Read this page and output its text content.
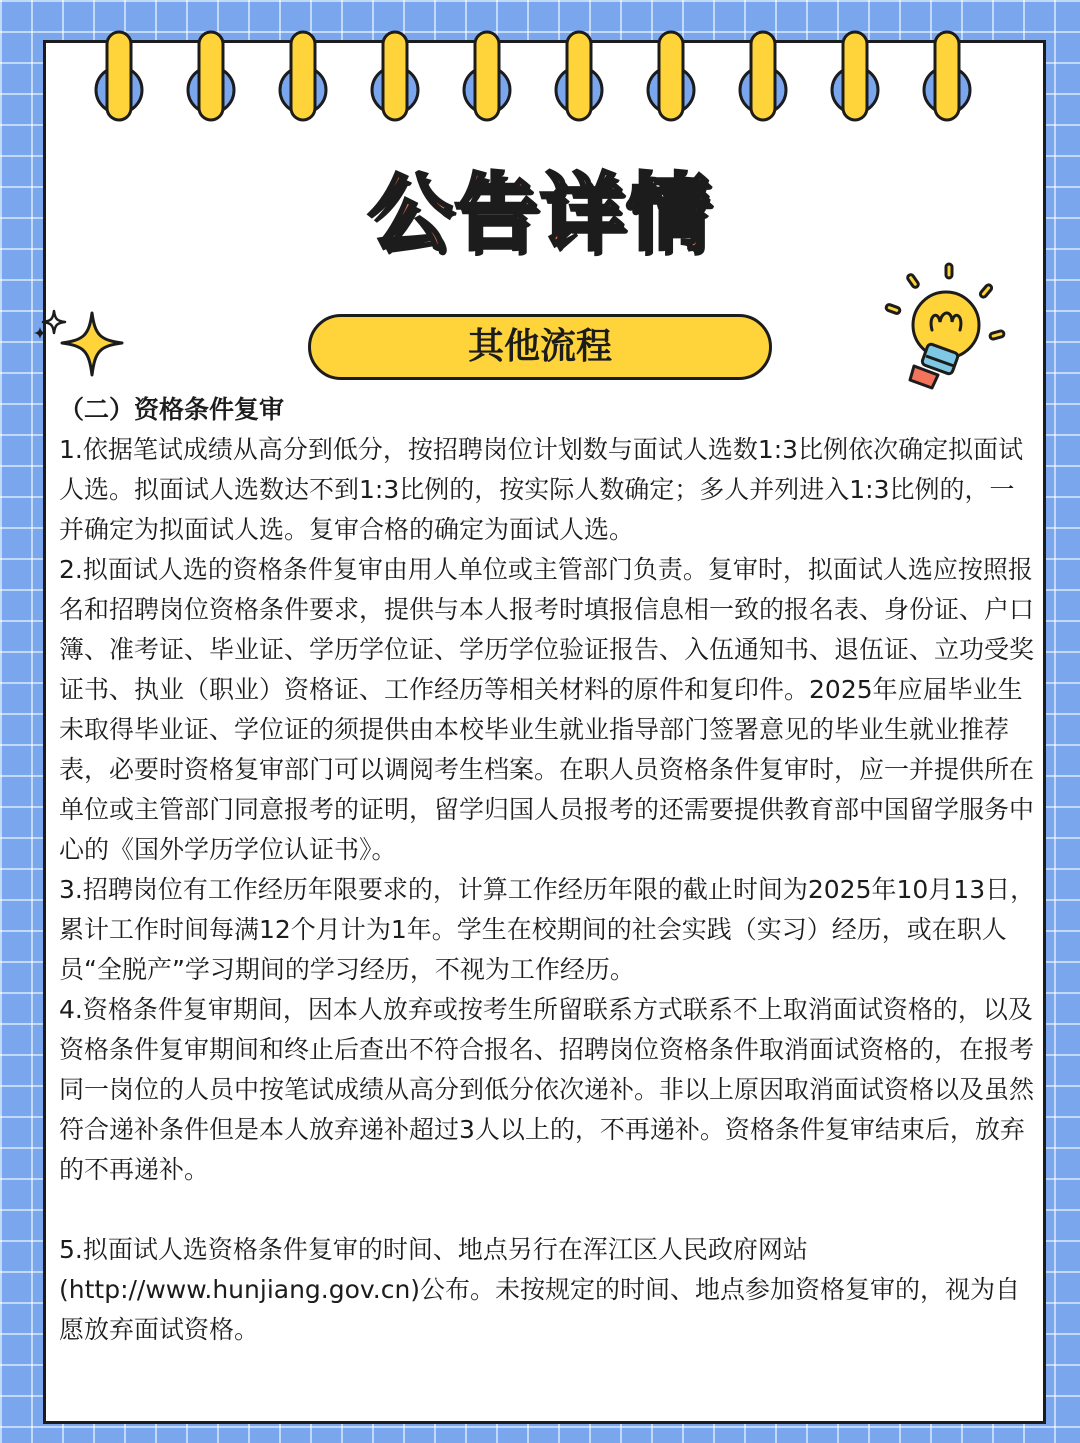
公告详情
其他流程

（二）资格条件复审

1.依据笔试成绩从高分到低分，按招聘岗位计划数与面试人选数1:3比例依次确定拟面试人选。拟面试人选数达不到1:3比例的，按实际人数确定；多人并列进入1:3比例的，一并确定为拟面试人选。复审合格的确定为面试人选。

2.拟面试人选的资格条件复审由用人单位或主管部门负责。复审时，拟面试人选应按照报名和招聘岗位资格条件要求，提供与本人报考时填报信息相一致的报名表、身份证、户口簿、准考证、毕业证、学历学位证、学历学位验证报告、入伍通知书、退伍证、立功受奖证书、执业（职业）资格证、工作经历等相关材料的原件和复印件。2025年应届毕业生未取得毕业证、学位证的须提供由本校毕业生就业指导部门签署意见的毕业生就业推荐表，必要时资格复审部门可以调阅考生档案。在职人员资格条件复审时，应一并提供所在单位或主管部门同意报考的证明，留学归国人员报考的还需要提供教育部中国留学服务中心的《国外学历学位认证书》。

3.招聘岗位有工作经历年限要求的，计算工作经历年限的截止时间为2025年10月13日，累计工作时间每满12个月计为1年。学生在校期间的社会实践（实习）经历，或在职人员“全脱产”学习期间的学习经历，不视为工作经历。

4.资格条件复审期间，因本人放弃或按考生所留联系方式联系不上取消面试资格的，以及资格条件复审期间和终止后查出不符合报名、招聘岗位资格条件取消面试资格的，在报考同一岗位的人员中按笔试成绩从高分到低分依次递补。非以上原因取消面试资格以及虽然符合递补条件但是本人放弃递补超过3人以上的，不再递补。资格条件复审结束后，放弃的不再递补。

5.拟面试人选资格条件复审的时间、地点另行在浑江区人民政府网站(http://www.hunjiang.gov.cn)公布。未按规定的时间、地点参加资格复审的，视为自愿放弃面试资格。
